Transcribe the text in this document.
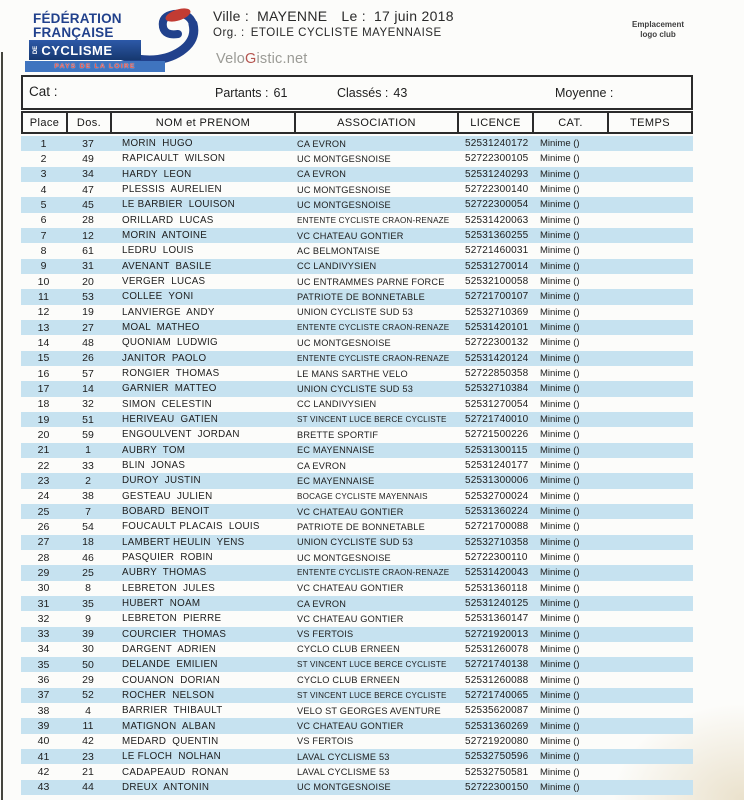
FÉDÉRATION
FRANÇAISE
DE CYCLISME
PAYS DE LA LOIRE
Ville : MAYENNE Le : 17 juin 2018
Org. : ETOILE CYCLISTE MAYENNAISE
VeloGistic.net
Emplacement
logo club
Cat :	Partants : 61	Classés : 43	Moyenne :
Place	Dos.	NOM et PRENOM	ASSOCIATION	LICENCE	CAT.	TEMPS
1	37	MORIN  HUGO	CA EVRON	52531240172	Minime ()
2	49	RAPICAULT  WILSON	UC MONTGESNOISE	52722300105	Minime ()
3	34	HARDY  LEON	CA EVRON	52531240293	Minime ()
4	47	PLESSIS  AURELIEN	UC MONTGESNOISE	52722300140	Minime ()
5	45	LE BARBIER  LOUISON	UC MONTGESNOISE	52722300054	Minime ()
6	28	ORILLARD  LUCAS	ENTENTE CYCLISTE CRAON-RENAZE	52531420063	Minime ()
7	12	MORIN  ANTOINE	VC CHATEAU GONTIER	52531360255	Minime ()
8	61	LEDRU  LOUIS	AC BELMONTAISE	52721460031	Minime ()
9	31	AVENANT  BASILE	CC LANDIVYSIEN	52531270014	Minime ()
10	20	VERGER  LUCAS	UC ENTRAMMES PARNE FORCE	52532100058	Minime ()
11	53	COLLEE  YONI	PATRIOTE DE BONNETABLE	52721700107	Minime ()
12	19	LANVIERGE  ANDY	UNION CYCLISTE SUD 53	52532710369	Minime ()
13	27	MOAL  MATHEO	ENTENTE CYCLISTE CRAON-RENAZE	52531420101	Minime ()
14	48	QUONIAM  LUDWIG	UC MONTGESNOISE	52722300132	Minime ()
15	26	JANITOR  PAOLO	ENTENTE CYCLISTE CRAON-RENAZE	52531420124	Minime ()
16	57	RONGIER  THOMAS	LE MANS SARTHE VELO	52722850358	Minime ()
17	14	GARNIER  MATTEO	UNION CYCLISTE SUD 53	52532710384	Minime ()
18	32	SIMON  CELESTIN	CC LANDIVYSIEN	52531270054	Minime ()
19	51	HERIVEAU  GATIEN	ST VINCENT LUCE BERCE CYCLISTE	52721740010	Minime ()
20	59	ENGOULVENT  JORDAN	BRETTE SPORTIF	52721500226	Minime ()
21	1	AUBRY  TOM	EC MAYENNAISE	52531300115	Minime ()
22	33	BLIN  JONAS	CA EVRON	52531240177	Minime ()
23	2	DUROY  JUSTIN	EC MAYENNAISE	52531300006	Minime ()
24	38	GESTEAU  JULIEN	BOCAGE CYCLISTE MAYENNAIS	52532700024	Minime ()
25	7	BOBARD  BENOIT	VC CHATEAU GONTIER	52531360224	Minime ()
26	54	FOUCAULT PLACAIS  LOUIS	PATRIOTE DE BONNETABLE	52721700088	Minime ()
27	18	LAMBERT HEULIN  YENS	UNION CYCLISTE SUD 53	52532710358	Minime ()
28	46	PASQUIER  ROBIN	UC MONTGESNOISE	52722300110	Minime ()
29	25	AUBRY  THOMAS	ENTENTE CYCLISTE CRAON-RENAZE	52531420043	Minime ()
30	8	LEBRETON  JULES	VC CHATEAU GONTIER	52531360118	Minime ()
31	35	HUBERT  NOAM	CA EVRON	52531240125	Minime ()
32	9	LEBRETON  PIERRE	VC CHATEAU GONTIER	52531360147	Minime ()
33	39	COURCIER  THOMAS	VS FERTOIS	52721920013	Minime ()
34	30	DARGENT  ADRIEN	CYCLO CLUB ERNEEN	52531260078	Minime ()
35	50	DELANDE  EMILIEN	ST VINCENT LUCE BERCE CYCLISTE	52721740138	Minime ()
36	29	COUANON  DORIAN	CYCLO CLUB ERNEEN	52531260088	Minime ()
37	52	ROCHER  NELSON	ST VINCENT LUCE BERCE CYCLISTE	52721740065	Minime ()
38	4	BARRIER  THIBAULT	VELO ST GEORGES AVENTURE	52535620087	Minime ()
39	11	MATIGNON  ALBAN	VC CHATEAU GONTIER	52531360269	Minime ()
40	42	MEDARD  QUENTIN	VS FERTOIS	52721920080	Minime ()
41	23	LE FLOCH  NOLHAN	LAVAL CYCLISME 53	52532750596	Minime ()
42	21	CADAPEAUD  RONAN	LAVAL CYCLISME 53	52532750581	Minime ()
43	44	DREUX  ANTONIN	UC MONTGESNOISE	52722300150	Minime ()
